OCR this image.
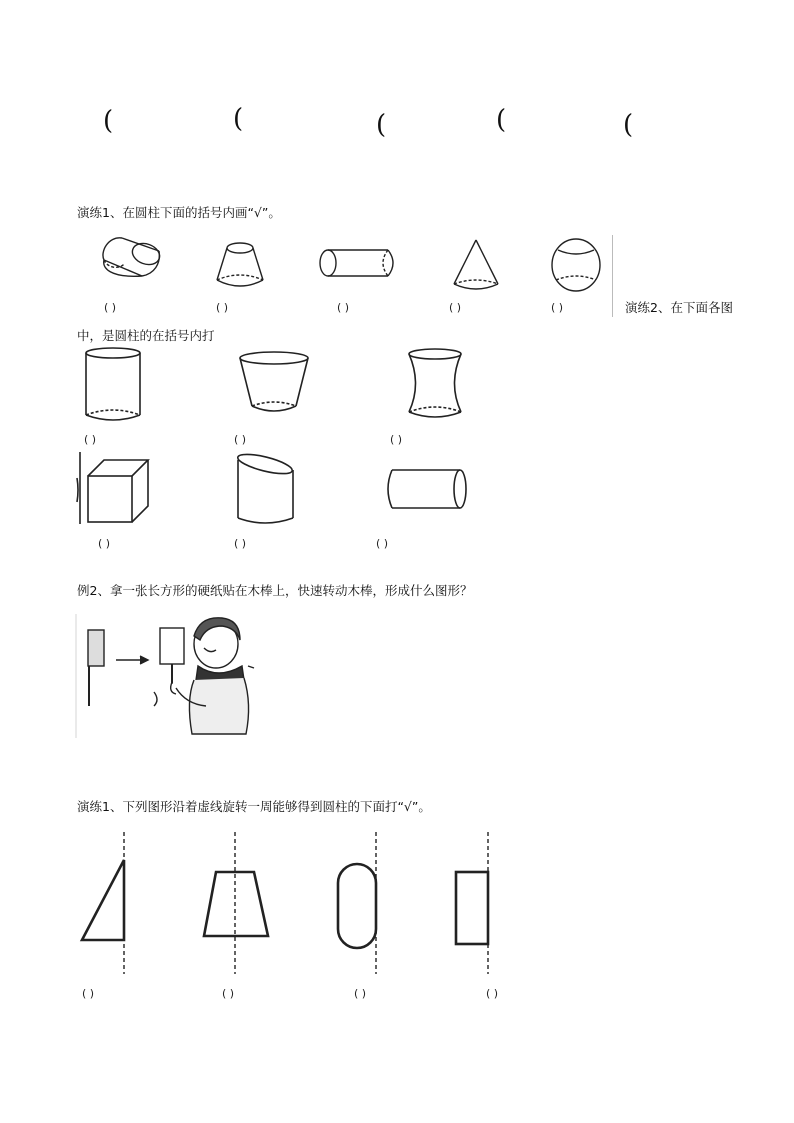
(	(	(	(	(
演练1、在圆柱下面的括号内画“√”。
( )	( )	( )	( )	( )	演练2、在下面各图
中，是圆柱的在括号内打
( )	( )	( )
( )	( )	( )
例2、拿一张长方形的硬纸贴在木棒上，快速转动木棒，形成什么图形？
演练1、下列图形沿着虚线旋转一周能够得到圆柱的下面打“√”。
( )	( )	( )	( )
